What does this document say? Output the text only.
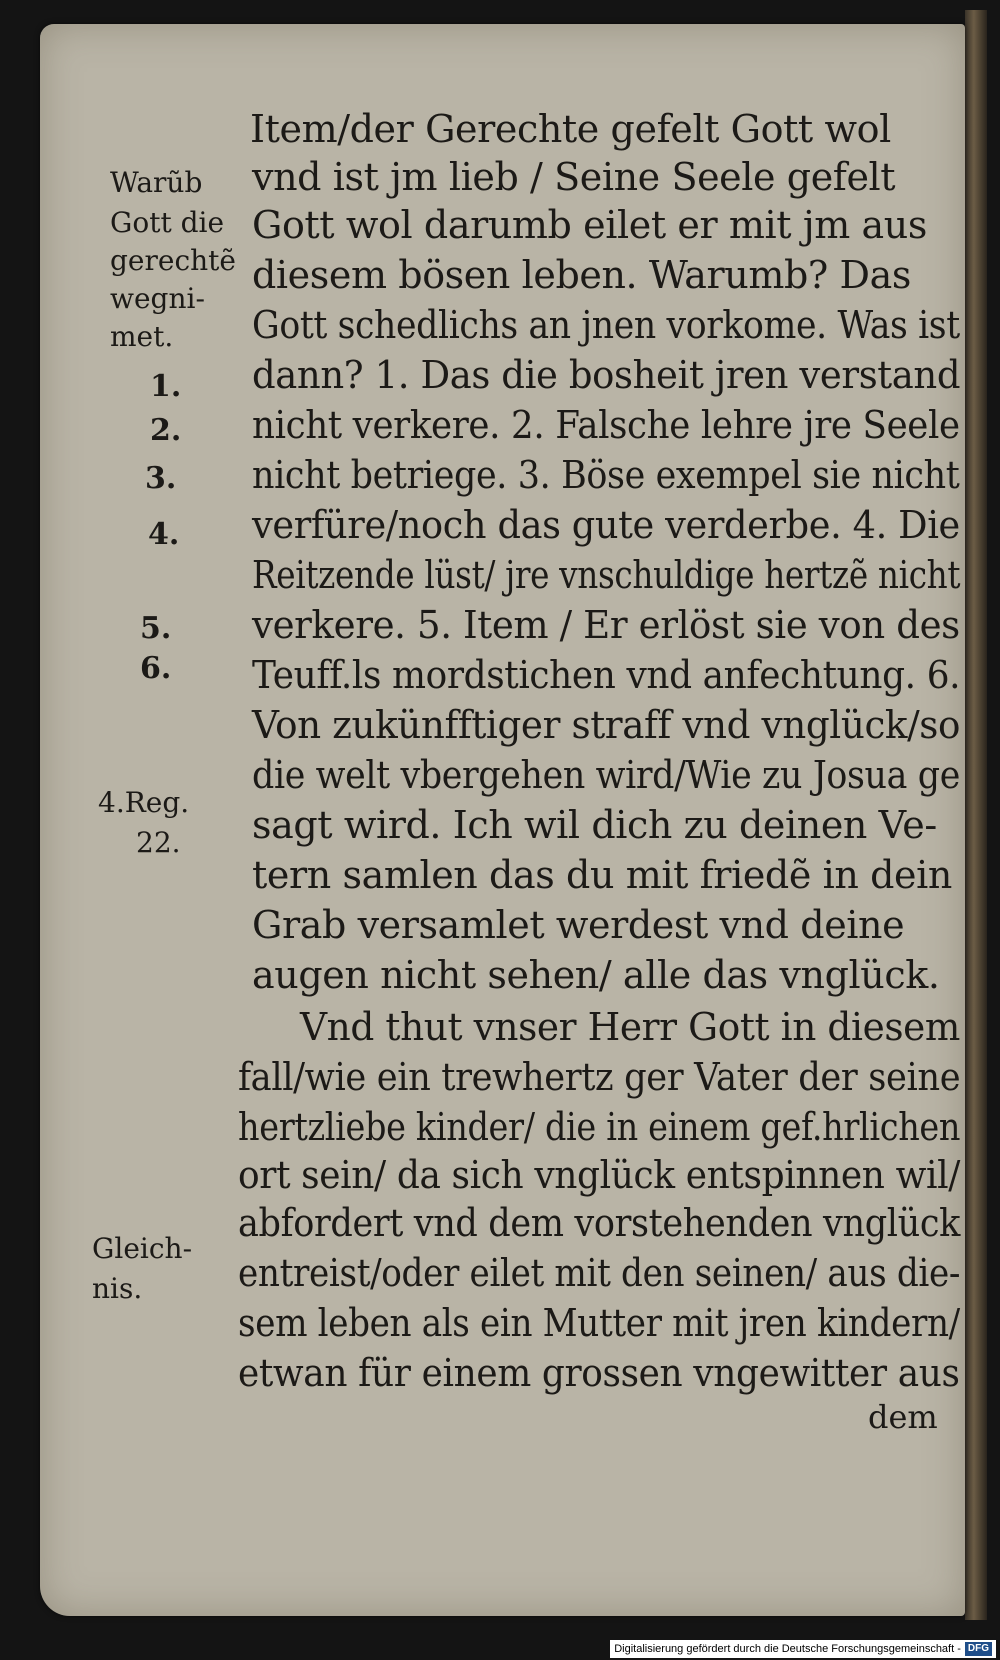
Item/der Gerechte gefelt Gott wol
vnd ist jm lieb / Seine Seele gefelt
Gott wol darumb eilet er mit jm aus
diesem bösen leben. Warumb? Das
Gott schedlichs an jnen vorkome. Was ist
dann? 1. Das die bosheit jren verstand
nicht verkere. 2. Falsche lehre jre Seele
nicht betriege. 3. Böse exempel sie nicht
verfüre/noch das gute verderbe. 4. Die
Reitzende lüst/ jre vnschuldige hertzẽ nicht
verkere. 5. Item / Er erlöst sie von des
Teuff.ls mordstichen vnd anfechtung. 6.
Von zukünfftiger straff vnd vnglück/so
die welt vbergehen wird/Wie zu Josua ge
sagt wird. Ich wil dich zu deinen Ve-
tern samlen das du mit friedẽ in dein
Grab versamlet werdest vnd deine
augen nicht sehen/ alle das vnglück.
Vnd thut vnser Herr Gott in diesem
fall/wie ein trewhertz ger Vater der seine
hertzliebe kinder/ die in einem gef.hrlichen
ort sein/ da sich vnglück entspinnen wil/
abfordert vnd dem vorstehenden vnglück
entreist/oder eilet mit den seinen/ aus die-
sem leben als ein Mutter mit jren kindern/
etwan für einem grossen vngewitter aus
dem
Warũb
Gott die
gerechtẽ
wegni-
met.
1.
2.
3.
4.
5.
6.
4.Reg.
22.
Gleich-
nis.
Digitalisierung gefördert durch die Deutsche Forschungsgemeinschaft - DFG
